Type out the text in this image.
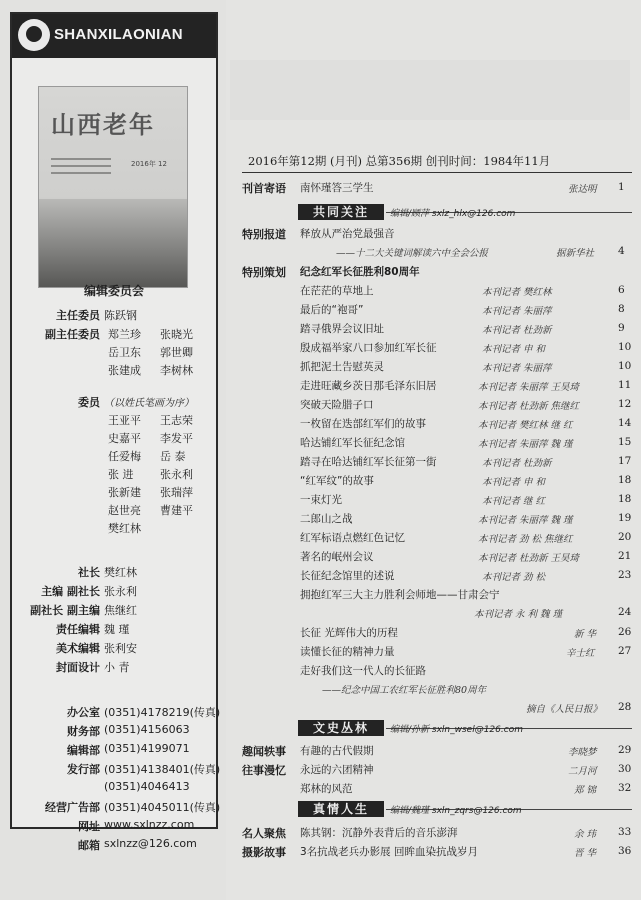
SHANXILAONIAN
山西老年
2016年 12
编辑委员会
主任委员 陈跃钢
副主任委员 郑兰珍 张晓光
岳卫东 郭世卿
张建成 李树林
委员 （以姓氏笔画为序）
王亚平 王志荣
史嘉平 李发平
任爱梅 岳 泰
张 进 张永利
张新建 张瑞萍
赵世亮 曹建平
樊红林
社长 樊红林
主编 副社长 张永利
副社长 副主编 焦继红
责任编辑 魏 瑾
美术编辑 张利安
封面设计 小 青
办公室 (0351)4178219(传真)
财务部 (0351)4156063
编辑部 (0351)4199071
发行部 (0351)4138401(传真)
(0351)4046413
经营广告部 (0351)4045011(传真)
网址 www.sxlnzz.com
邮箱 sxlnzz@126.com
2016年第12期 (月刊) 总第356期 创刊时间：1984年11月
刊首寄语 南怀瑾答三学生	张达明 1
共同关注	编辑/顾萍 sxlz_hlx@126.com
特别报道 释放从严治党最强音
——十二大关键词解读六中全会公报	据新华社 4
特别策划 纪念红军长征胜利80周年
在茫茫的草地上	本刊记者 樊红林	6
最后的“袍哥”	本刊记者 朱丽萍	8
踏寻俄界会议旧址	本刊记者 杜劲新	9
殷成福举家八口参加红军长征	本刊记者 申 和	10
抓把泥土告慰英灵	本刊记者 朱丽萍	10
走进旺藏乡茨日那毛泽东旧居	本刊记者 朱丽萍 王昊琦	11
突破天险腊子口	本刊记者 杜劲新 焦继红	12
一枚留在迭部红军们的故事	本刊记者 樊红林 继 红	14
哈达铺红军长征纪念馆	本刊记者 朱丽萍 魏 瑾	15
踏寻在哈达铺红军长征第一街	本刊记者 杜劲新	17
“红军纹”的故事	本刊记者 申 和	18
一束灯光	本刊记者 继 红	18
二郎山之战	本刊记者 朱丽萍 魏 瑾	19
红军标语点燃红色记忆	本刊记者 劲 松 焦继红	20
著名的岷州会议	本刊记者 杜劲新 王昊琦	21
长征纪念馆里的述说	本刊记者 劲 松	23
拥抱红军三大主力胜利会师地——甘肃会宁
本刊记者 永 利 魏 瑾	24
长征 光辉伟大的历程	新 华 26
读懂长征的精神力量	辛士红 27
走好我们这一代人的长征路
——纪念中国工农红军长征胜利80周年
摘自《人民日报》 28
文史丛林	编辑/孙新 sxln_wsel@126.com
趣闻轶事 有趣的古代假期	李晓梦 29
往事漫忆 永远的六团精神	二月河 30
郑林的风范	郑 锦 32
真情人生	编辑/魏瑾 sxln_zqrs@126.com
名人聚焦 陈其钢：沉静外表背后的音乐澎湃	余 玮 33
摄影故事 3名抗战老兵办影展 回眸血染抗战岁月	晋 华 36
